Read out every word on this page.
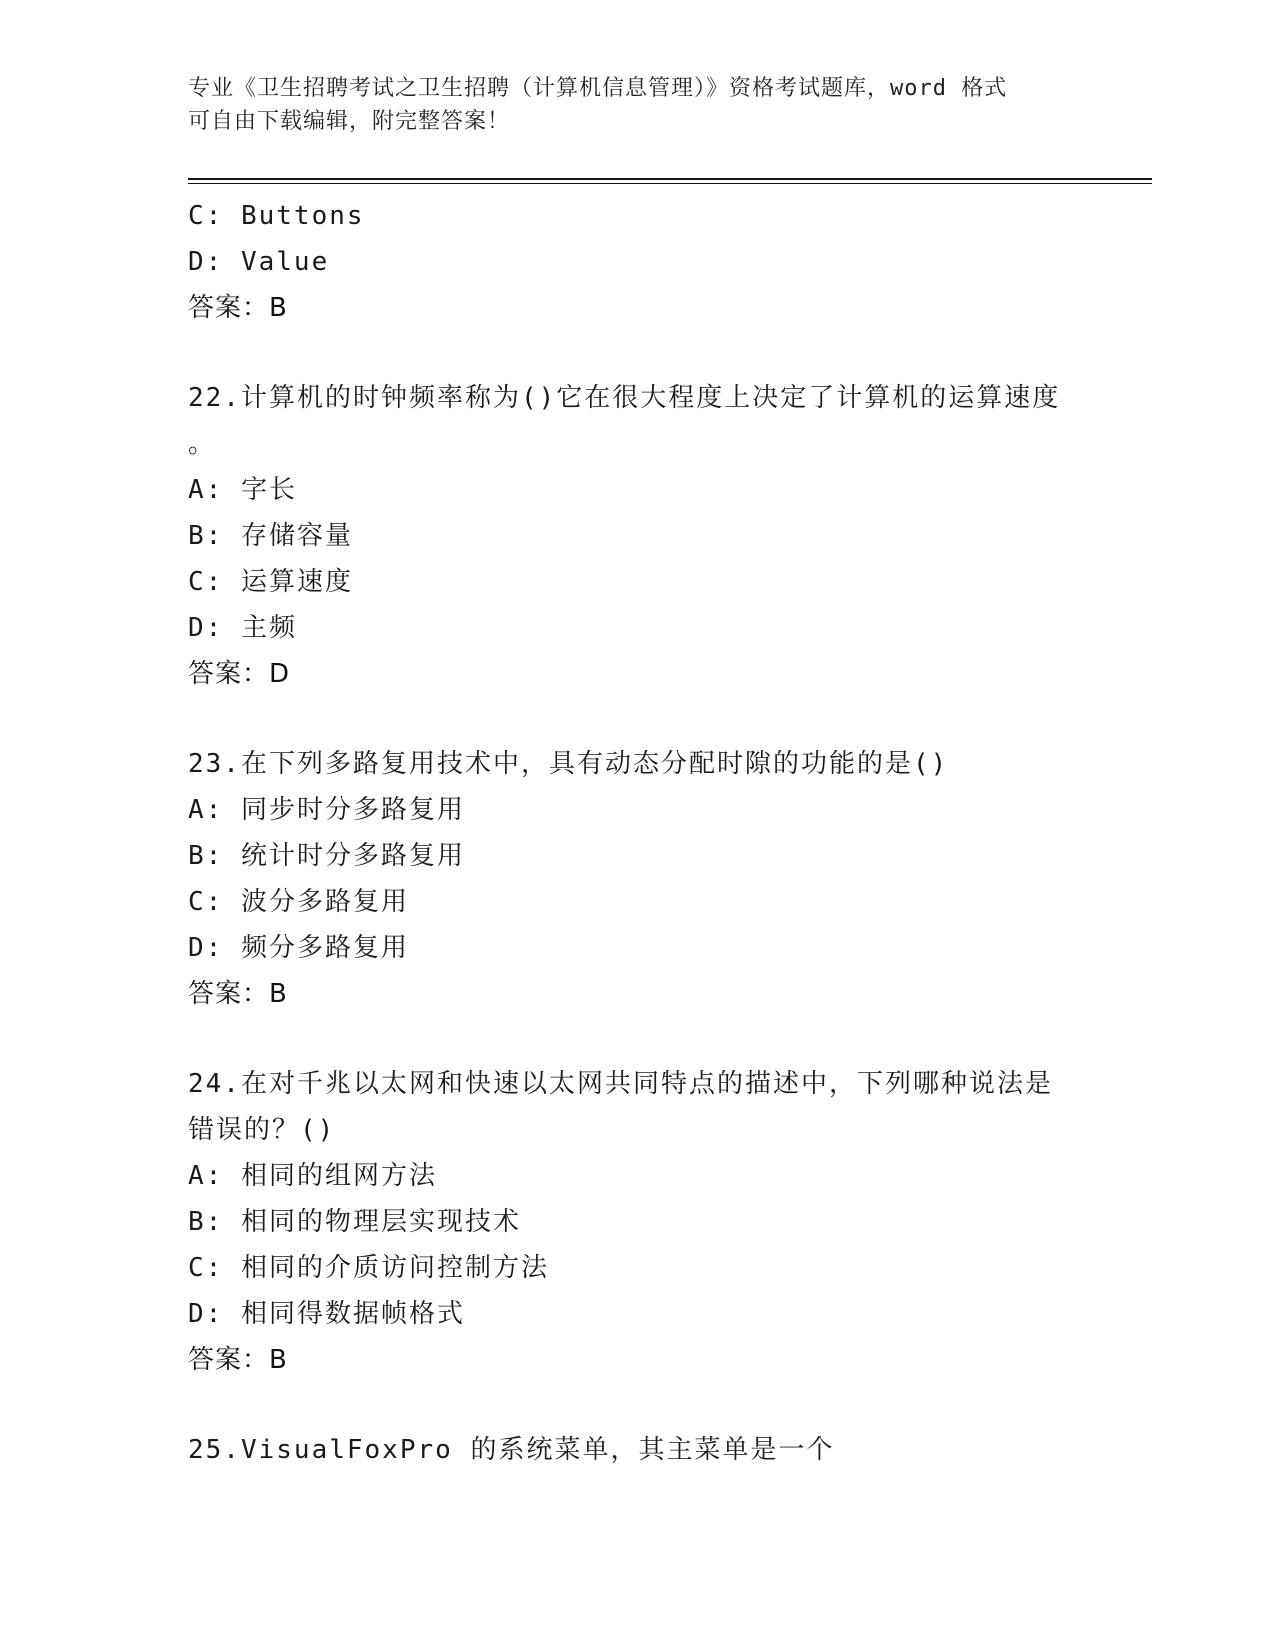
专业《卫生招聘考试之卫生招聘（计算机信息管理）》资格考试题库，word 格式
可自由下载编辑，附完整答案！
C: Buttons
D: Value
答案：B
22.计算机的时钟频率称为()它在很大程度上决定了计算机的运算速度
。
A: 字长
B: 存储容量
C: 运算速度
D: 主频
答案：D
23.在下列多路复用技术中，具有动态分配时隙的功能的是()
A: 同步时分多路复用
B: 统计时分多路复用
C: 波分多路复用
D: 频分多路复用
答案：B
24.在对千兆以太网和快速以太网共同特点的描述中，下列哪种说法是
错误的？()
A: 相同的组网方法
B: 相同的物理层实现技术
C: 相同的介质访问控制方法
D: 相同得数据帧格式
答案：B
25.VisualFoxPro 的系统菜单，其主菜单是一个
